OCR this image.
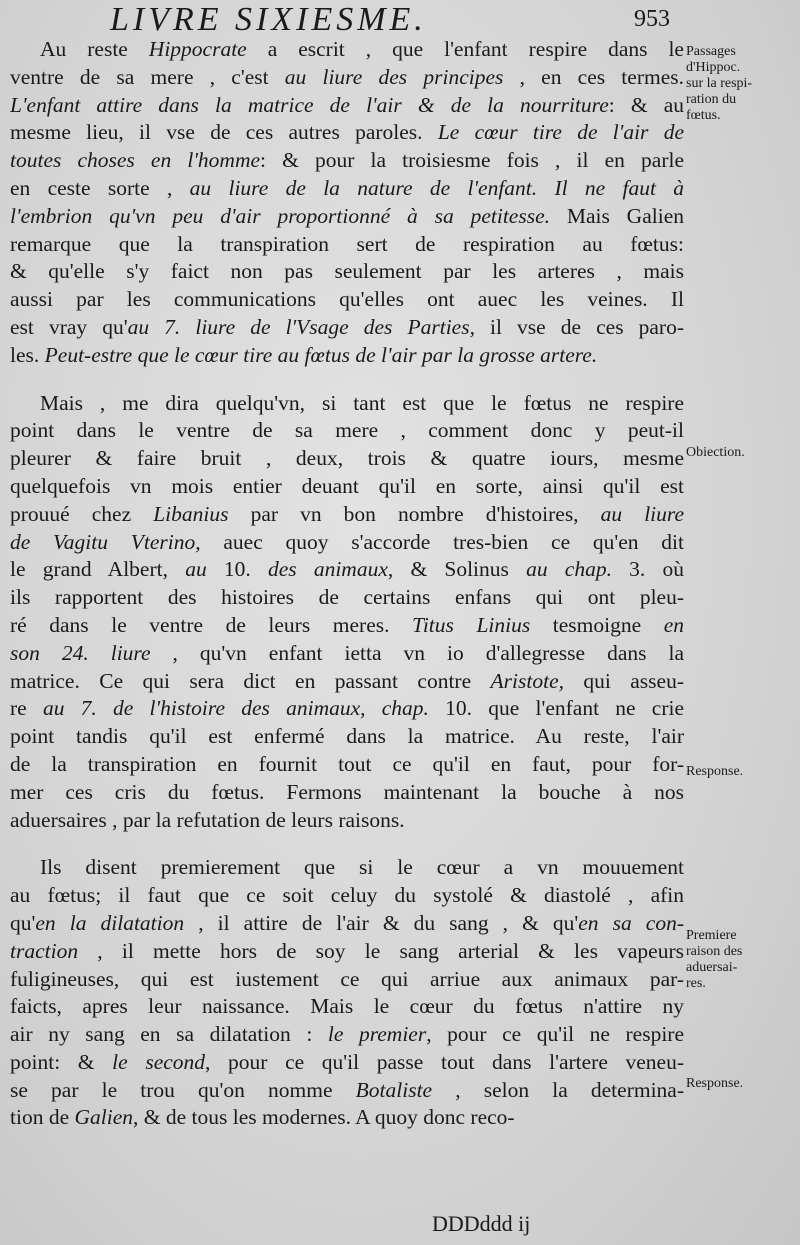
LIVRE SIXIESME.	953
Au reste Hippocrate a escrit , que l'enfant respire dans le
ventre de sa mere , c'est au liure des principes , en ces termes.
L'enfant attire dans la matrice de l'air & de la nourriture: & au
mesme lieu, il vse de ces autres paroles. Le cœur tire de l'air de
toutes choses en l'homme: & pour la troisiesme fois , il en parle
en ceste sorte , au liure de la nature de l'enfant. Il ne faut à
l'embrion qu'vn peu d'air proportionné à sa petitesse. Mais Galien
remarque que la transpiration sert de respiration au fœtus:
& qu'elle s'y faict non pas seulement par les arteres , mais
aussi par les communications qu'elles ont auec les veines. Il
est vray qu'au 7. liure de l'Vsage des Parties, il vse de ces paro-
les. Peut-estre que le cœur tire au fœtus de l'air par la grosse artere.
Mais , me dira quelqu'vn, si tant est que le fœtus ne respire
point dans le ventre de sa mere , comment donc y peut-il
pleurer & faire bruit , deux, trois & quatre iours, mesme
quelquefois vn mois entier deuant qu'il en sorte, ainsi qu'il est
prouué chez Libanius par vn bon nombre d'histoires, au liure
de Vagitu Vterino, auec quoy s'accorde tres-bien ce qu'en dit
le grand Albert, au 10. des animaux, & Solinus au chap. 3. où
ils rapportent des histoires de certains enfans qui ont pleu-
ré dans le ventre de leurs meres. Titus Linius tesmoigne en
son 24. liure , qu'vn enfant ietta vn io d'allegresse dans la
matrice. Ce qui sera dict en passant contre Aristote, qui asseu-
re au 7. de l'histoire des animaux, chap. 10. que l'enfant ne crie
point tandis qu'il est enfermé dans la matrice. Au reste, l'air
de la transpiration en fournit tout ce qu'il en faut, pour for-
mer ces cris du fœtus. Fermons maintenant la bouche à nos
aduersaires , par la refutation de leurs raisons.
Ils disent premierement que si le cœur a vn mouuement
au fœtus; il faut que ce soit celuy du systolé & diastolé , afin
qu'en la dilatation , il attire de l'air & du sang , & qu'en sa con-
traction , il mette hors de soy le sang arterial & les vapeurs
fuligineuses, qui est iustement ce qui arriue aux animaux par-
faicts, apres leur naissance. Mais le cœur du fœtus n'attire ny
air ny sang en sa dilatation : le premier, pour ce qu'il ne respire
point: & le second, pour ce qu'il passe tout dans l'artere veneu-
se par le trou qu'on nomme Botaliste , selon la determina-
tion de Galien, & de tous les modernes. A quoy donc reco-
Passages
d'Hippoc.
sur la respi-
ration du
fœtus.
Obiection.
Response.
Premiere
raison des
aduersai-
res.
Response.
DDDddd ij
